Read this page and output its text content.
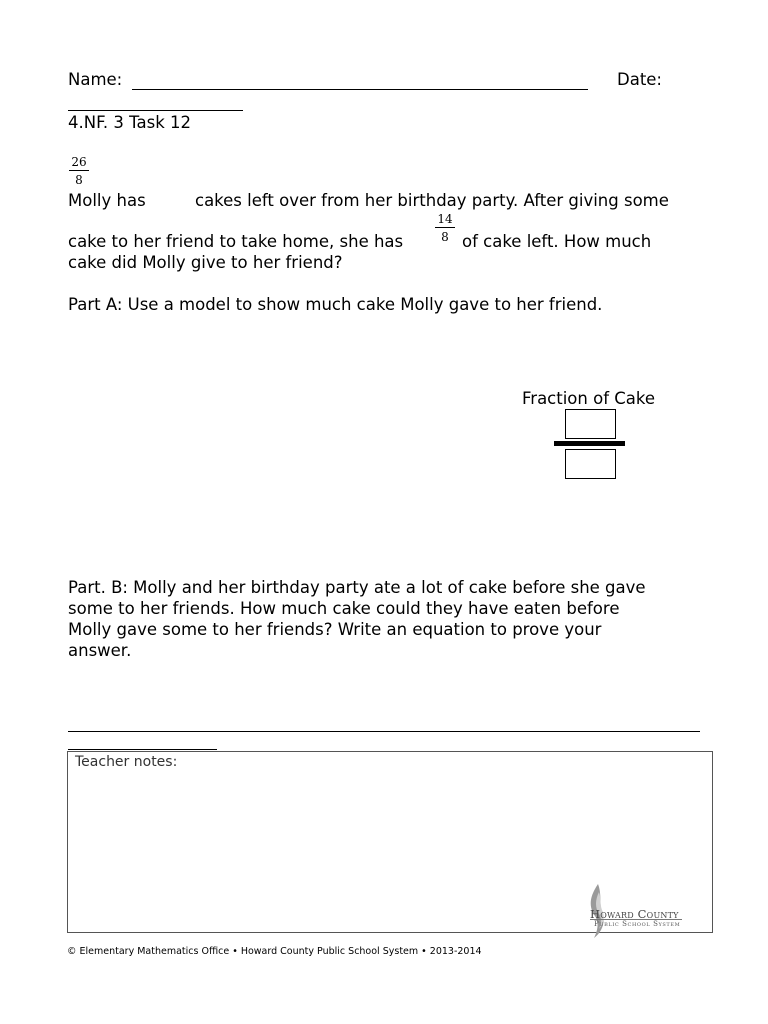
Name:	Date:
4.NF. 3 Task 12
26
8
Molly has	cakes left over from her birthday party. After giving some
cake to her friend to take home, she has
14
8 of cake left. How much
cake did Molly give to her friend?
Part A: Use a model to show much cake Molly gave to her friend.
Fraction of Cake
Part. B: Molly and her birthday party ate a lot of cake before she gave
some to her friends. How much cake could they have eaten before
Molly gave some to her friends? Write an equation to prove your
answer.
Teacher notes:
Howard County
Public School System
© Elementary Mathematics Office • Howard County Public School System • 2013-2014
